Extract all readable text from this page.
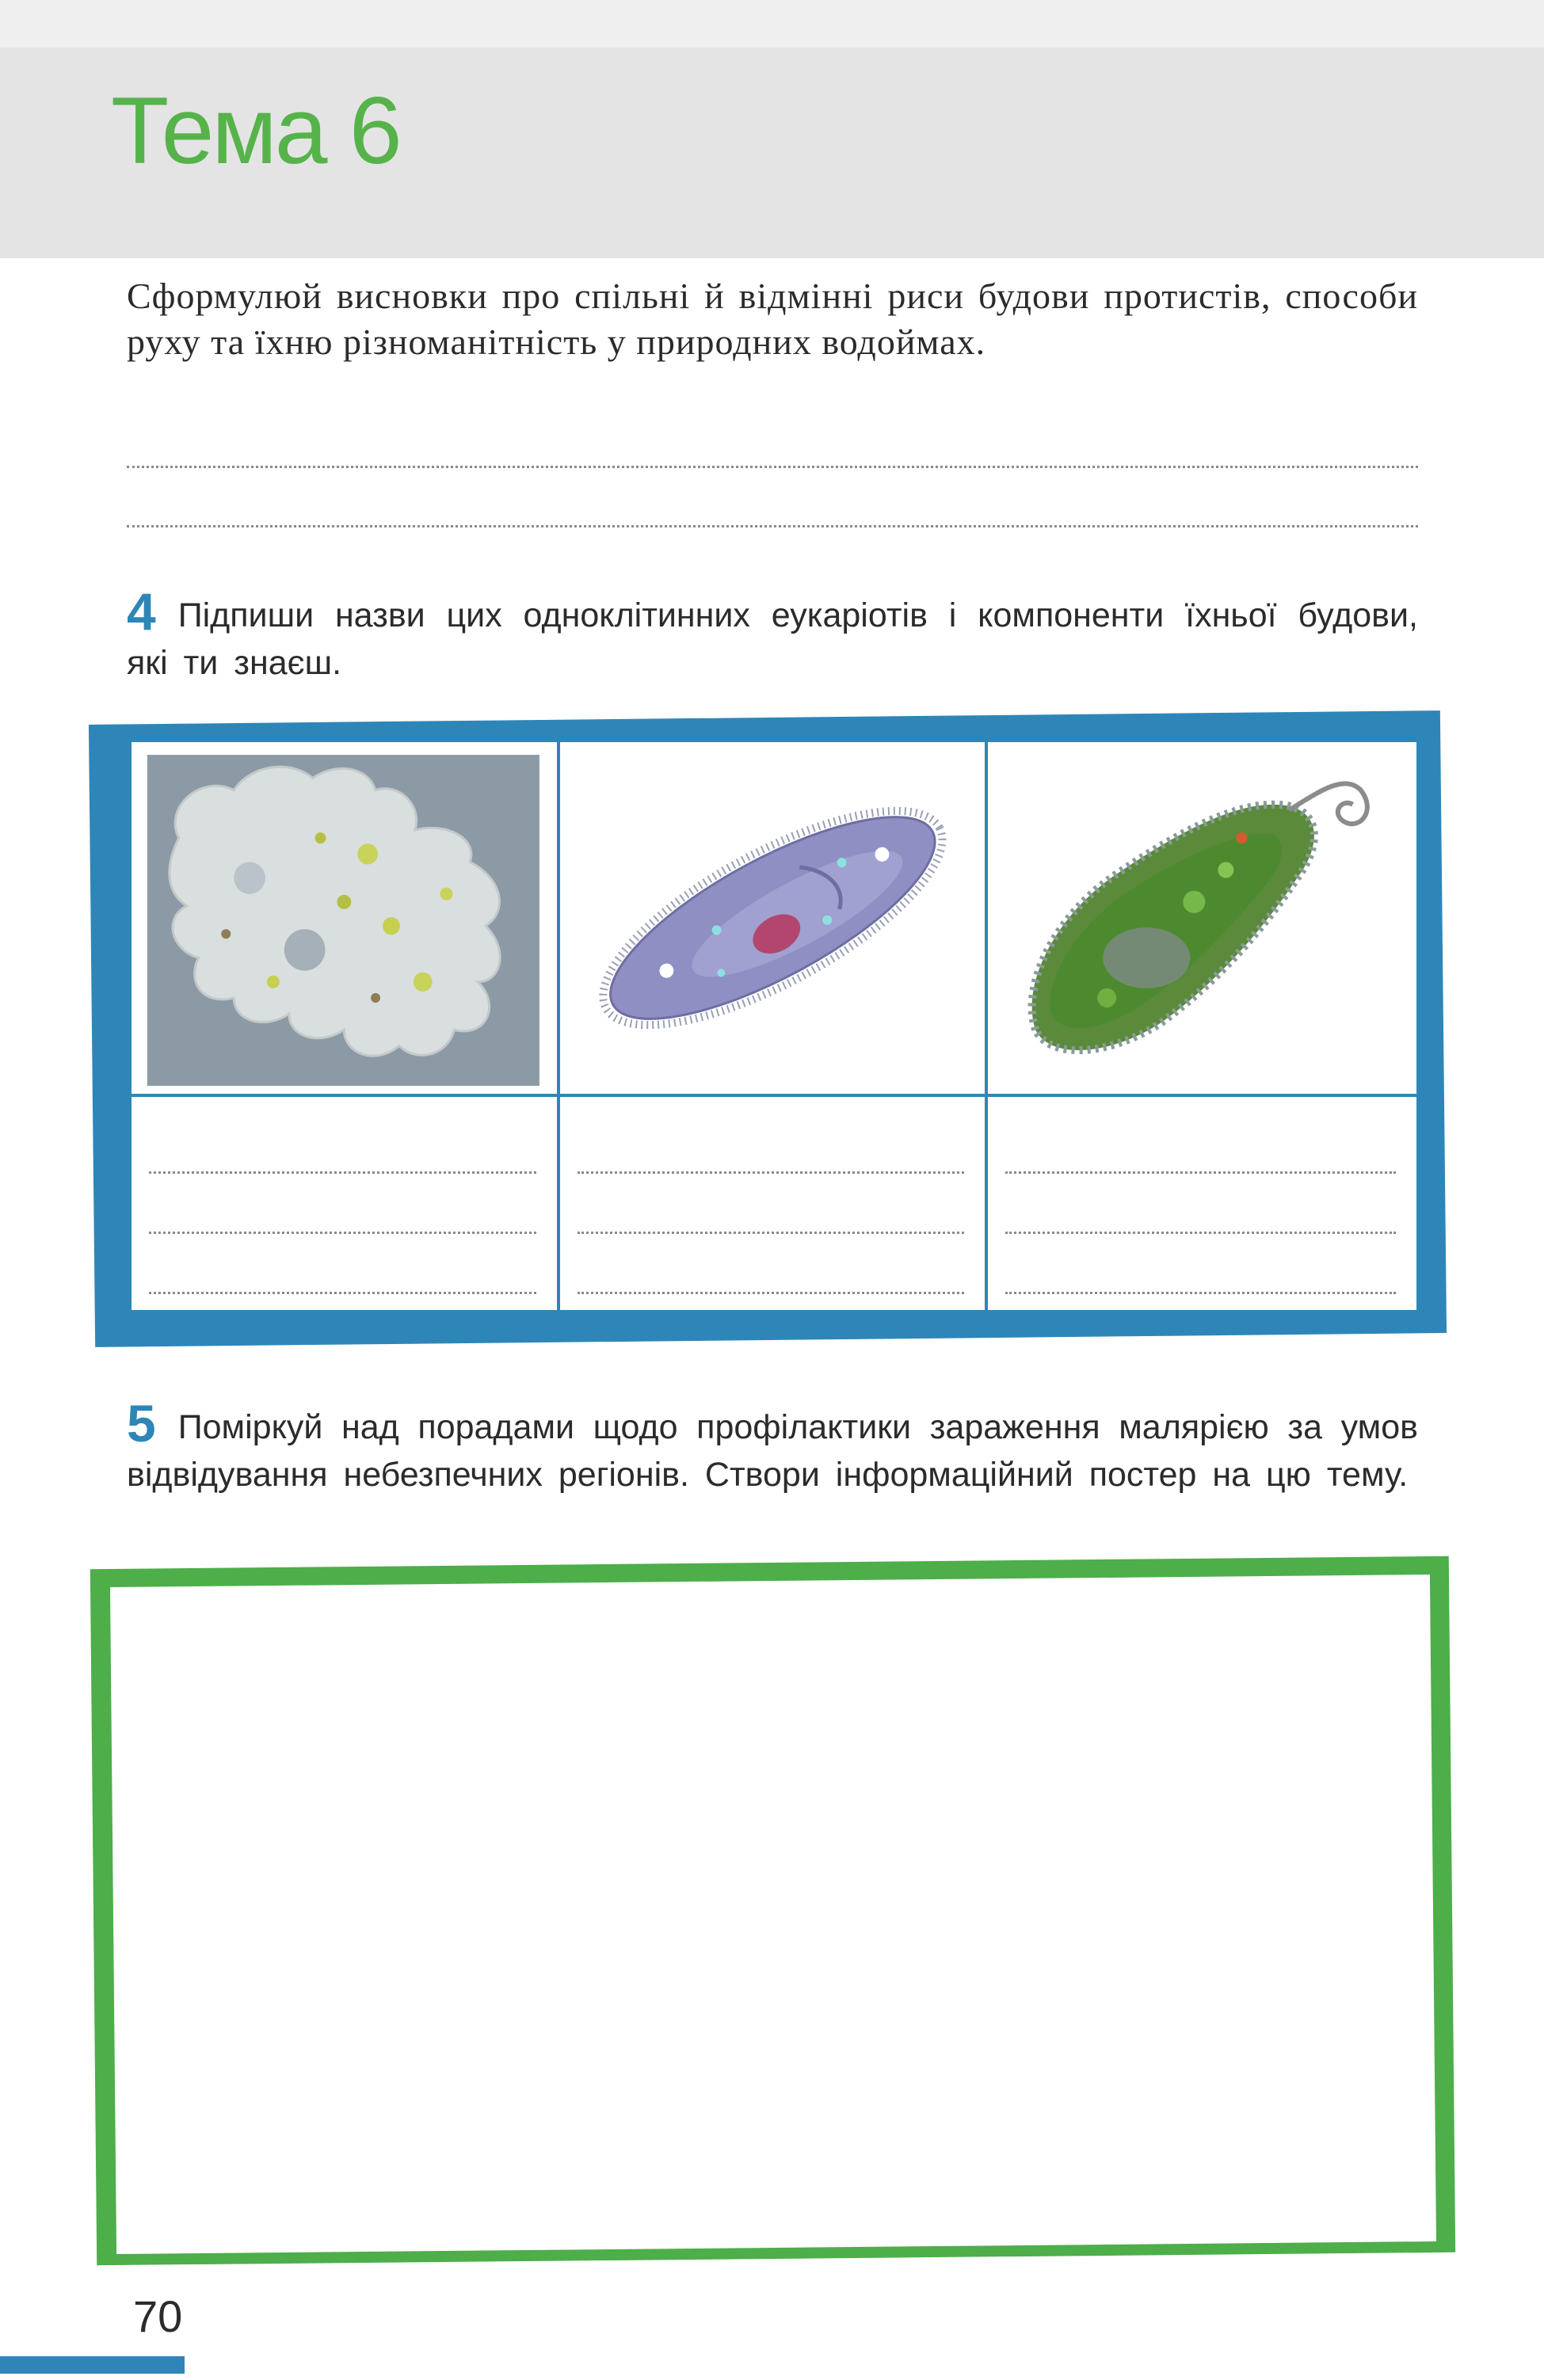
Тема 6

Сформулюй висновки про спільні й відмінні риси будови протистів, способи руху та їхню різноманітність у природних водоймах.

4 Підпиши назви цих одноклітинних еукаріотів і компоненти їхньої будови, які ти знаєш.

5 Поміркуй над порадами щодо профілактики зараження малярією за умов відвідування небезпечних регіонів. Створи інформаційний постер на цю тему.

70
